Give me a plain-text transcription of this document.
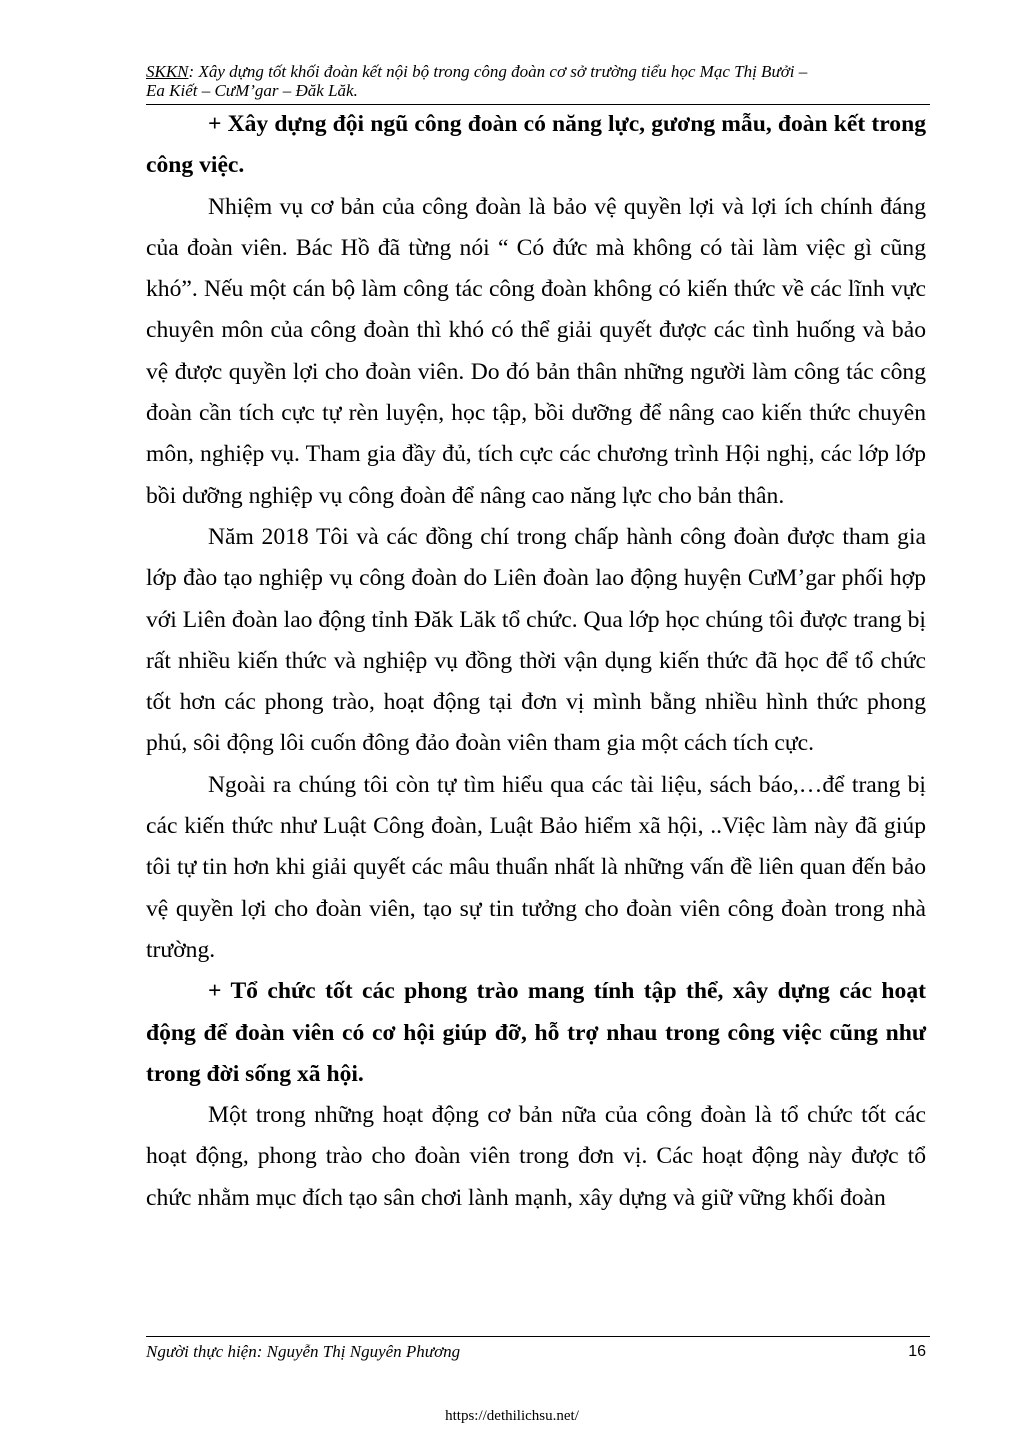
SKKN: Xây dựng tốt khối đoàn kết nội bộ trong công đoàn cơ sở trường tiểu học Mạc Thị Bưởi –
Ea Kiết – CưM’gar – Đăk Lăk.

+ Xây dựng đội ngũ công đoàn có năng lực, gương mẫu, đoàn kết trong công việc.

Nhiệm vụ cơ bản của công đoàn là bảo vệ quyền lợi và lợi ích chính đáng của đoàn viên. Bác Hồ đã từng nói “ Có đức mà không có tài làm việc gì cũng khó”. Nếu một cán bộ làm công tác công đoàn không có kiến thức về các lĩnh vực chuyên môn của công đoàn thì khó có thể giải quyết được các tình huống và bảo vệ được quyền lợi cho đoàn viên. Do đó bản thân những người làm công tác công đoàn cần tích cực tự rèn luyện, học tập, bồi dưỡng để nâng cao kiến thức chuyên môn, nghiệp vụ. Tham gia đầy đủ, tích cực các chương trình Hội nghị, các lớp lớp bồi dưỡng nghiệp vụ công đoàn để nâng cao năng lực cho bản thân.

Năm 2018 Tôi và các đồng chí trong chấp hành công đoàn được tham gia lớp đào tạo nghiệp vụ công đoàn do Liên đoàn lao động huyện CưM’gar phối hợp với Liên đoàn lao động tỉnh Đăk Lăk tổ chức. Qua lớp học chúng tôi được trang bị rất nhiều kiến thức và nghiệp vụ đồng thời vận dụng kiến thức đã học để tổ chức tốt hơn các phong trào, hoạt động tại đơn vị mình bằng nhiều hình thức phong phú, sôi động lôi cuốn đông đảo đoàn viên tham gia một cách tích cực.

Ngoài ra chúng tôi còn tự tìm hiểu qua các tài liệu, sách báo,…để trang bị các kiến thức như Luật Công đoàn, Luật Bảo hiểm xã hội, ..Việc làm này đã giúp tôi tự tin hơn khi giải quyết các mâu thuẩn nhất là những vấn đề liên quan đến bảo vệ quyền lợi cho đoàn viên, tạo sự tin tưởng cho đoàn viên công đoàn trong nhà trường.

+ Tổ chức tốt các phong trào mang tính tập thể, xây dựng các hoạt động để đoàn viên có cơ hội giúp đỡ, hỗ trợ nhau trong công việc cũng như trong đời sống xã hội.

Một trong những hoạt động cơ bản nữa của công đoàn là tổ chức tốt các hoạt động, phong trào cho đoàn viên trong đơn vị. Các hoạt động này được tổ chức nhằm mục đích tạo sân chơi lành mạnh, xây dựng và giữ vững khối đoàn

Người thực hiện: Nguyễn Thị Nguyên Phương	16
https://dethilichsu.net/
